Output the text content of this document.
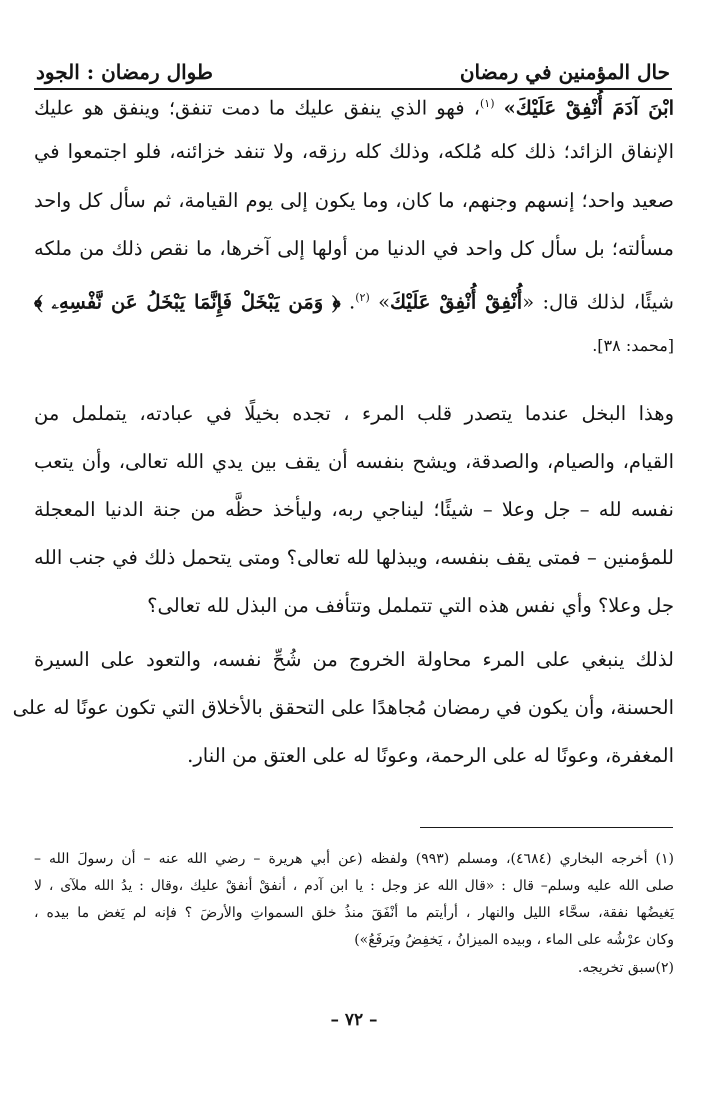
حال المؤمنين في رمضان
طوال رمضان : الجود
ابْنَ آدَمَ أُنْفِقْ عَلَيْكَ» $^{(١)}$، فهو الذي ينفق عليك ما دمت تنفق؛ وينفق هو عليك
الإنفاق الزائد؛ ذلك كله مُلكه، وذلك كله رزقه، ولا تنفد خزائنه، فلو اجتمعوا في
صعيد واحد؛ إنسهم وجنهم، ما كان، وما يكون إلى يوم القيامة، ثم سأل كل واحد
مسألته؛ بل سأل كل واحد في الدنيا من أولها إلى آخرها، ما نقص ذلك من ملكه
شيئًا، لذلك قال: «أُنْفِقْ أُنْفِقْ عَلَيْكَ» $^{(٢)}$. ﴿ وَمَن يَبْخَلْ فَإِنَّمَا يَبْخَلُ عَن نَّفْسِهِۦ ﴾
[محمد: ٣٨].
وهذا البخل عندما يتصدر قلب المرء ، تجده بخيلًا في عبادته، يتململ من
القيام، والصيام، والصدقة، ويشح بنفسه أن يقف بين يدي الله تعالى، وأن يتعب
نفسه لله – جل وعلا – شيئًا؛ ليناجي ربه، وليأخذ حظَّه من جنة الدنيا المعجلة
للمؤمنين – فمتى يقف بنفسه، ويبذلها لله تعالى؟ ومتى يتحمل ذلك في جنب الله
جل وعلا؟ وأي نفس هذه التي تتململ وتتأفف من البذل لله تعالى؟
لذلك ينبغي على المرء محاولة الخروج من شُحِّ نفسه، والتعود على السيرة
الحسنة، وأن يكون في رمضان مُجاهدًا على التحقق بالأخلاق التي تكون عونًا له على
المغفرة، وعونًا له على الرحمة، وعونًا له على العتق من النار.
(١) أخرجه البخاري (٤٦٨٤)، ومسلم (٩٩٣) ولفظه (عن أبي هريرة – رضي الله عنه – أن رسولَ الله –
صلى الله عليه وسلم– قال : «قال الله عز وجل : يا ابن آدم ، أنفقْ أنفقْ عليك ،وقال : يدُ الله ملآى ، لا
يَغيضُها نفقة، سحَّاء الليل والنهار ، أرأيتم ما أنْفَقَ منذُ خلق السمواتِ والأرضَ ؟ فإنه لم يَغض ما بيده ،
وكان عرْشُه على الماء ، وبيده الميزانُ ، يَخفِضُ ويَرفَعُ»)
(٢)سبق تخريجه.
– ٧٢ –
